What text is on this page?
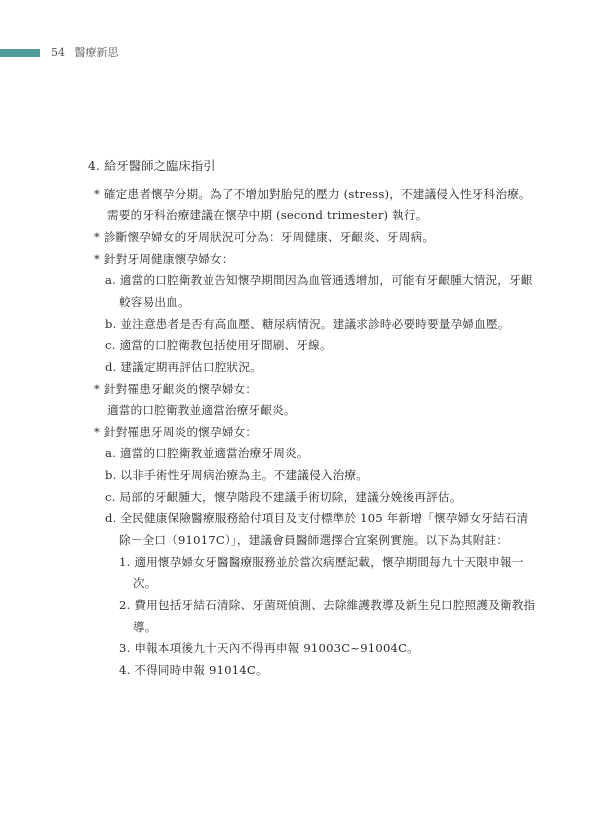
54 醫療新思
4. 給牙醫師之臨床指引
* 確定患者懷孕分期。為了不增加對胎兒的壓力 (stress)，不建議侵入性牙科治療。
需要的牙科治療建議在懷孕中期 (second trimester) 執行。
* 診斷懷孕婦女的牙周狀況可分為：牙周健康、牙齦炎、牙周病。
* 針對牙周健康懷孕婦女：
a. 適當的口腔衛教並告知懷孕期間因為血管通透增加，可能有牙齦腫大情況，牙齦
較容易出血。
b. 並注意患者是否有高血壓、糖尿病情況。建議求診時必要時要量孕婦血壓。
c. 適當的口腔衛教包括使用牙間刷、牙線。
d. 建議定期再評估口腔狀況。
* 針對罹患牙齦炎的懷孕婦女：
適當的口腔衛教並適當治療牙齦炎。
* 針對罹患牙周炎的懷孕婦女：
a. 適當的口腔衛教並適當治療牙周炎。
b. 以非手術性牙周病治療為主。不建議侵入治療。
c. 局部的牙齦腫大，懷孕階段不建議手術切除，建議分娩後再評估。
d. 全民健康保險醫療服務給付項目及支付標準於 105 年新增「懷孕婦女牙結石清
除－全口（91017C）」，建議會員醫師選擇合宜案例實施。以下為其附註：
1. 適用懷孕婦女牙醫醫療服務並於當次病歷記載，懷孕期間每九十天限申報一
次。
2. 費用包括牙結石清除、牙菌斑偵測、去除維護教導及新生兒口腔照護及衛教指
導。
3. 申報本項後九十天內不得再申報 91003C~91004C。
4. 不得同時申報 91014C。
